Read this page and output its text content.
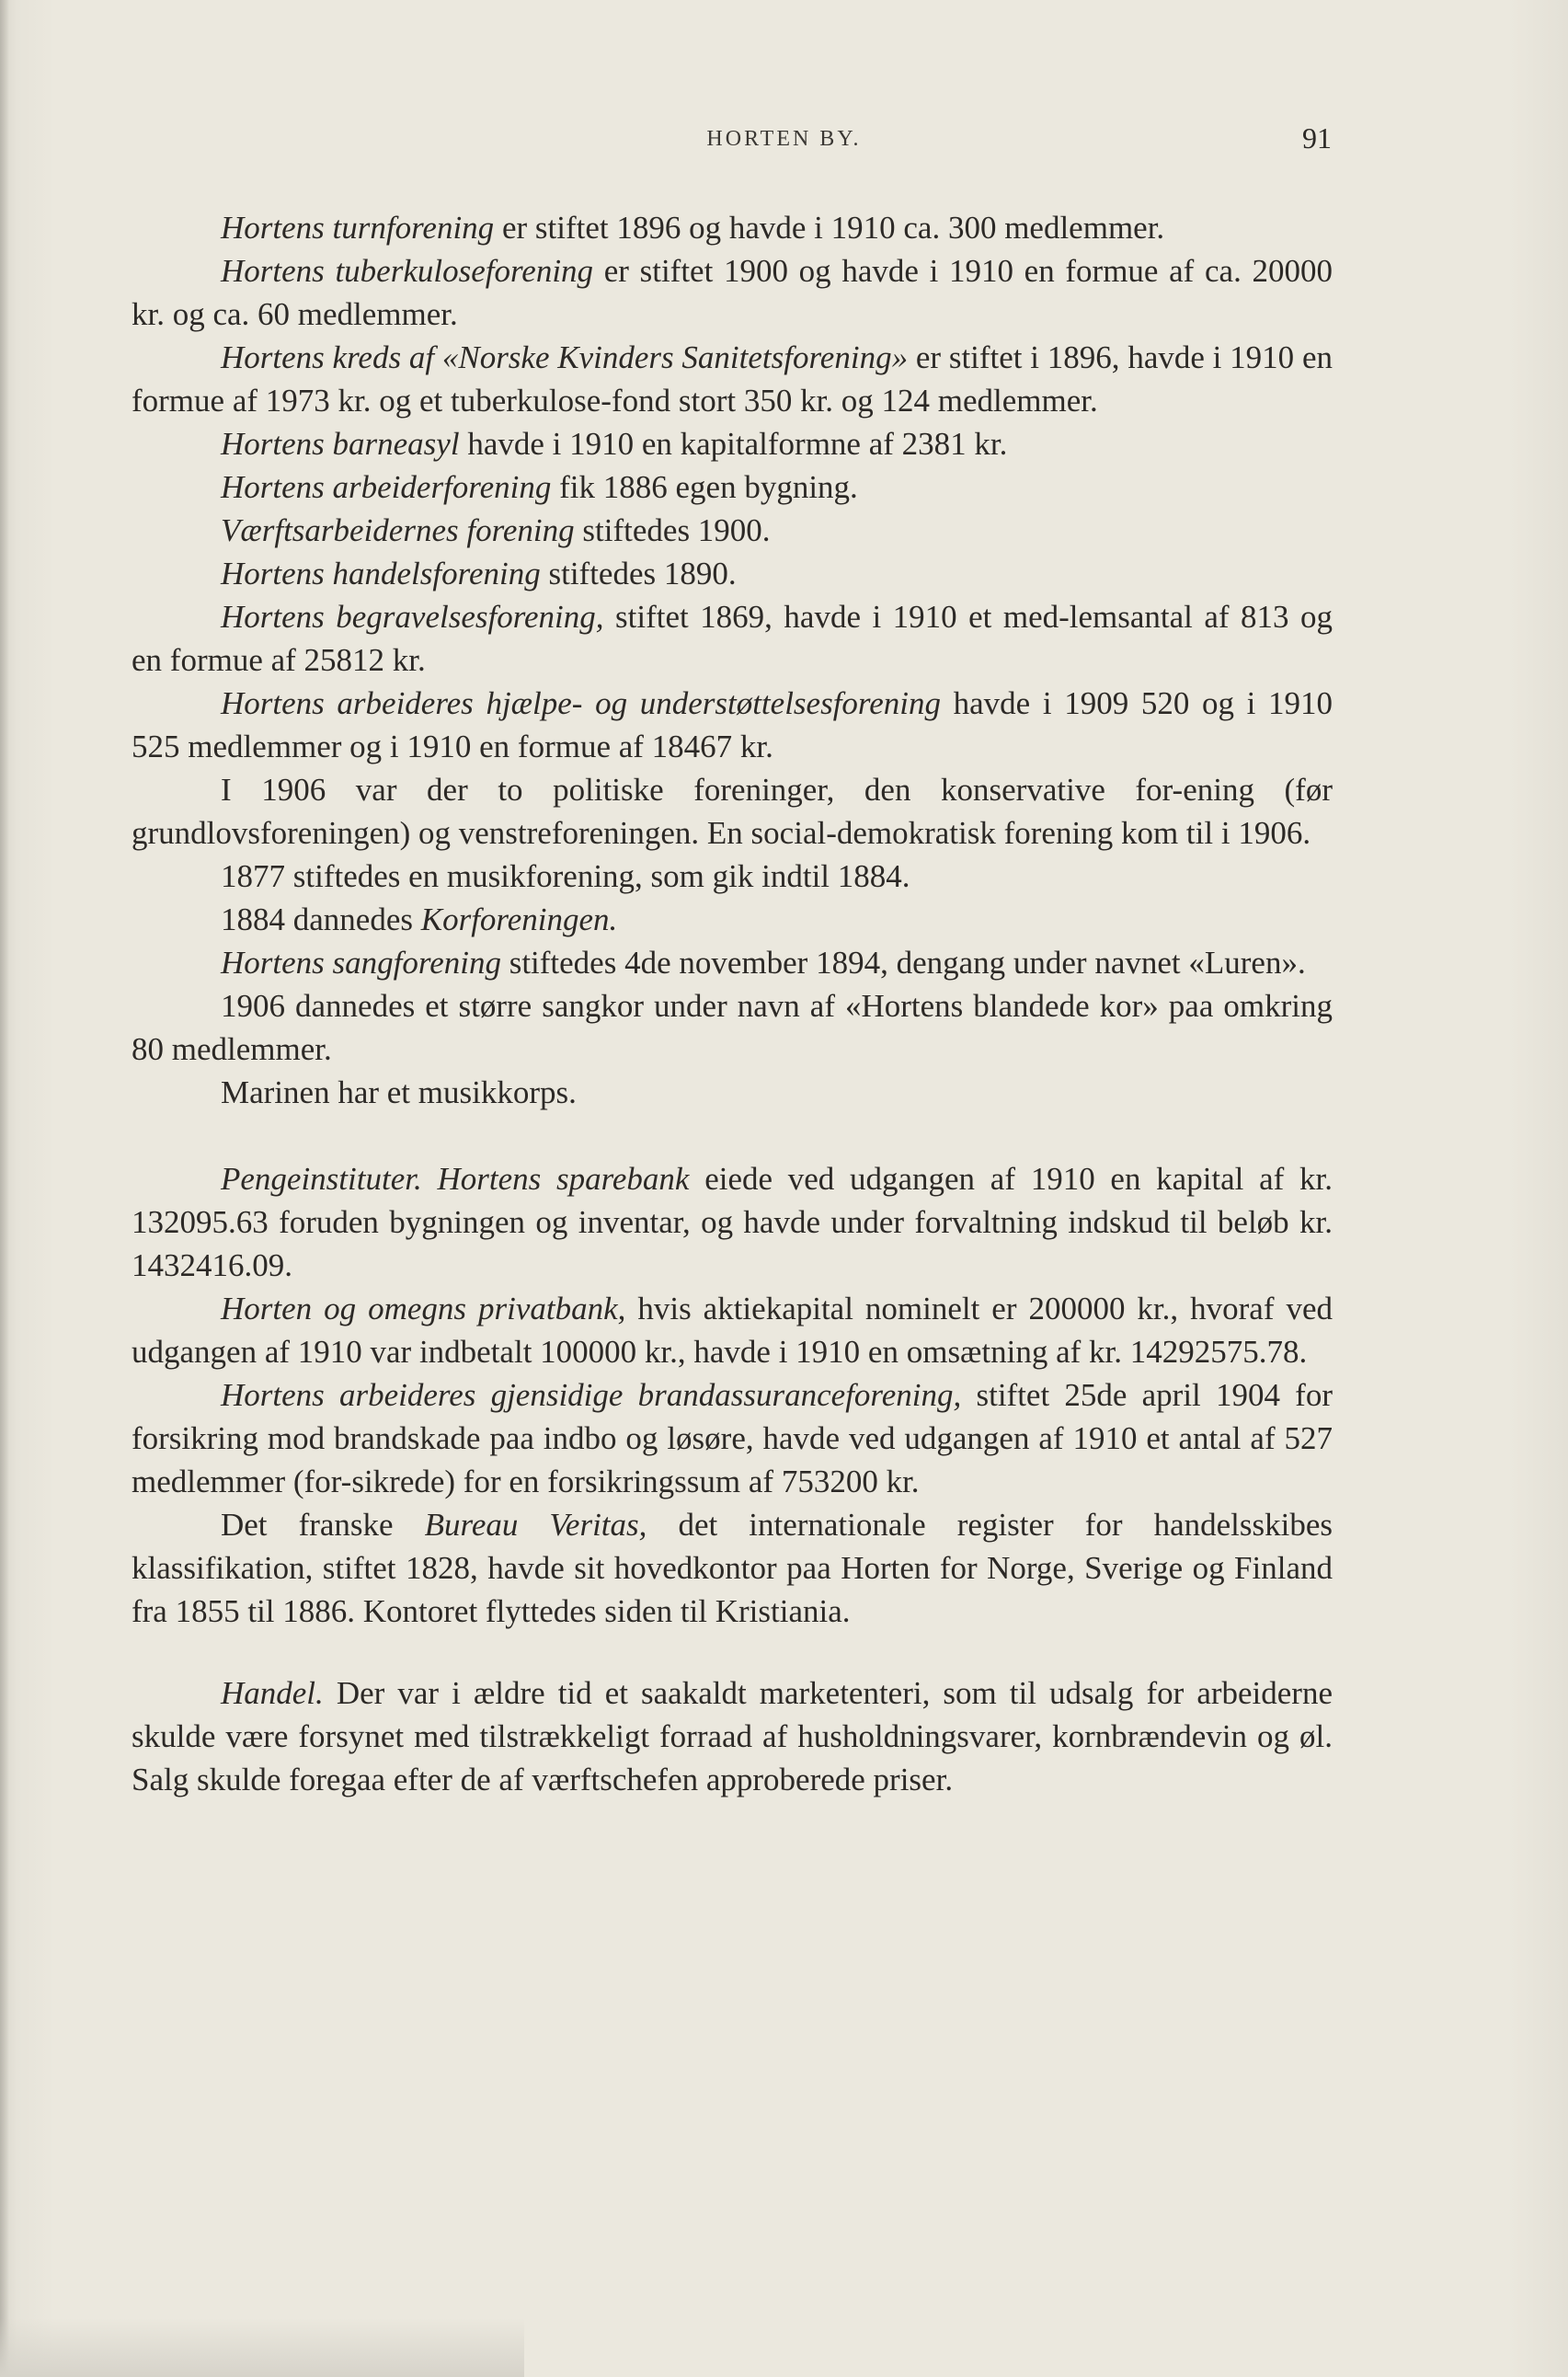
HORTEN BY.	91

Hortens turnforening er stiftet 1896 og havde i 1910 ca. 300 medlemmer.

Hortens tuberkuloseforening er stiftet 1900 og havde i 1910 en formue af ca. 20000 kr. og ca. 60 medlemmer.

Hortens kreds af «Norske Kvinders Sanitetsforening» er stiftet i 1896, havde i 1910 en formue af 1973 kr. og et tuberkulose-fond stort 350 kr. og 124 medlemmer.

Hortens barneasyl havde i 1910 en kapitalformne af 2381 kr.

Hortens arbeiderforening fik 1886 egen bygning.

Værftsarbeidernes forening stiftedes 1900.

Hortens handelsforening stiftedes 1890.

Hortens begravelsesforening, stiftet 1869, havde i 1910 et med-lemsantal af 813 og en formue af 25812 kr.

Hortens arbeideres hjælpe- og understøttelsesforening havde i 1909 520 og i 1910 525 medlemmer og i 1910 en formue af 18467 kr.

I 1906 var der to politiske foreninger, den konservative for-ening (før grundlovsforeningen) og venstreforeningen. En social-demokratisk forening kom til i 1906.

1877 stiftedes en musikforening, som gik indtil 1884.

1884 dannedes Korforeningen.

Hortens sangforening stiftedes 4de november 1894, dengang under navnet «Luren».

1906 dannedes et større sangkor under navn af «Hortens blandede kor» paa omkring 80 medlemmer.

Marinen har et musikkorps.

Pengeinstituter. Hortens sparebank eiede ved udgangen af 1910 en kapital af kr. 132095.63 foruden bygningen og inventar, og havde under forvaltning indskud til beløb kr. 1432416.09.

Horten og omegns privatbank, hvis aktiekapital nominelt er 200000 kr., hvoraf ved udgangen af 1910 var indbetalt 100000 kr., havde i 1910 en omsætning af kr. 14292575.78.

Hortens arbeideres gjensidige brandassuranceforening, stiftet 25de april 1904 for forsikring mod brandskade paa indbo og løsøre, havde ved udgangen af 1910 et antal af 527 medlemmer (for-sikrede) for en forsikringssum af 753200 kr.

Det franske Bureau Veritas, det internationale register for handelsskibes klassifikation, stiftet 1828, havde sit hovedkontor paa Horten for Norge, Sverige og Finland fra 1855 til 1886. Kontoret flyttedes siden til Kristiania.

Handel. Der var i ældre tid et saakaldt marketenteri, som til udsalg for arbeiderne skulde være forsynet med tilstrækkeligt forraad af husholdningsvarer, kornbrændevin og øl. Salg skulde foregaa efter de af værftschefen approberede priser.
